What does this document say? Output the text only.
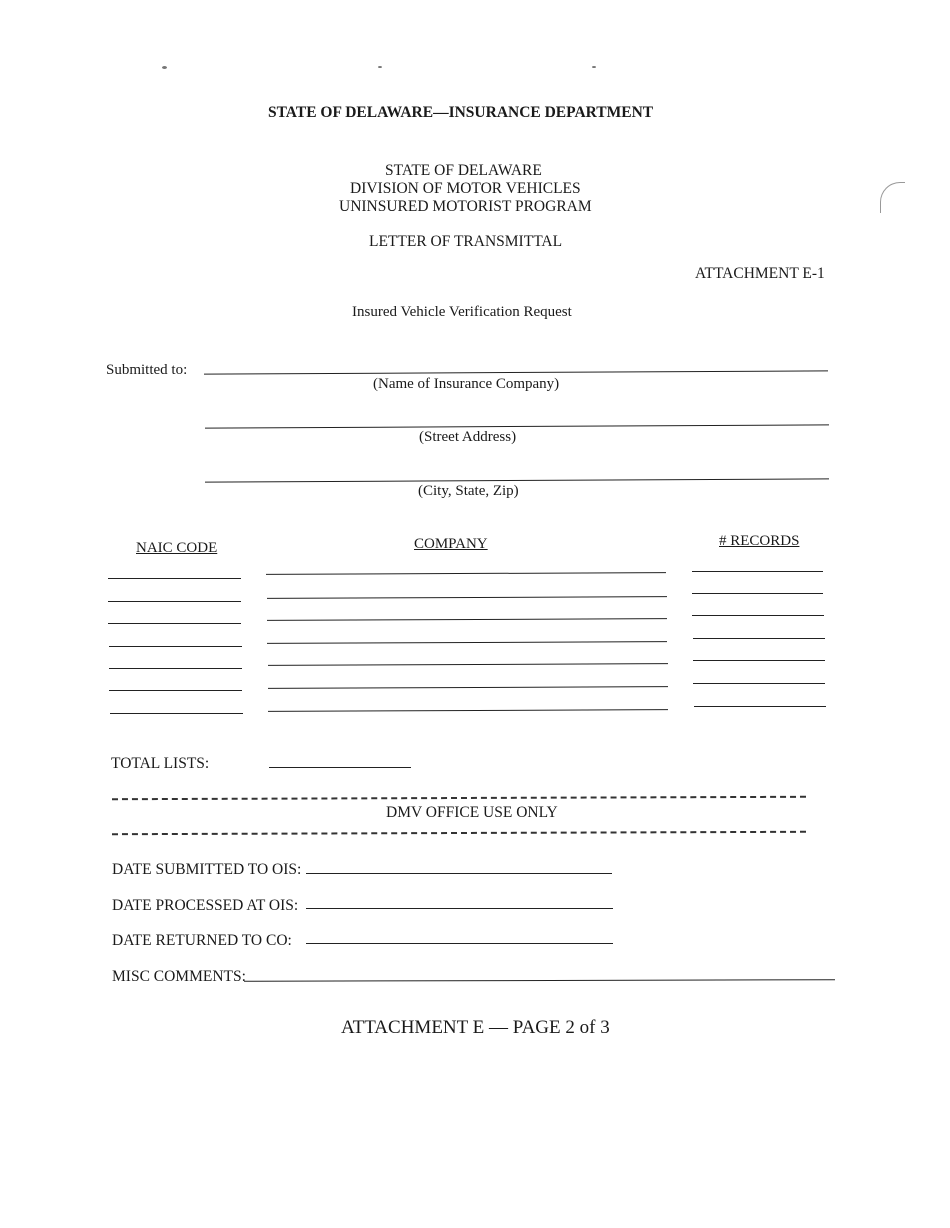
STATE OF DELAWARE—INSURANCE DEPARTMENT
STATE OF DELAWARE
DIVISION OF MOTOR VEHICLES
UNINSURED MOTORIST PROGRAM
LETTER OF TRANSMITTAL
ATTACHMENT E-1
Insured Vehicle Verification Request
Submitted to:
(Name of Insurance Company)
(Street Address)
(City, State, Zip)
NAIC CODE	COMPANY	# RECORDS
TOTAL LISTS:
DMV OFFICE USE ONLY
DATE SUBMITTED TO OIS:
DATE PROCESSED AT OIS:
DATE RETURNED TO CO:
MISC COMMENTS:
ATTACHMENT E — PAGE 2 of 3
